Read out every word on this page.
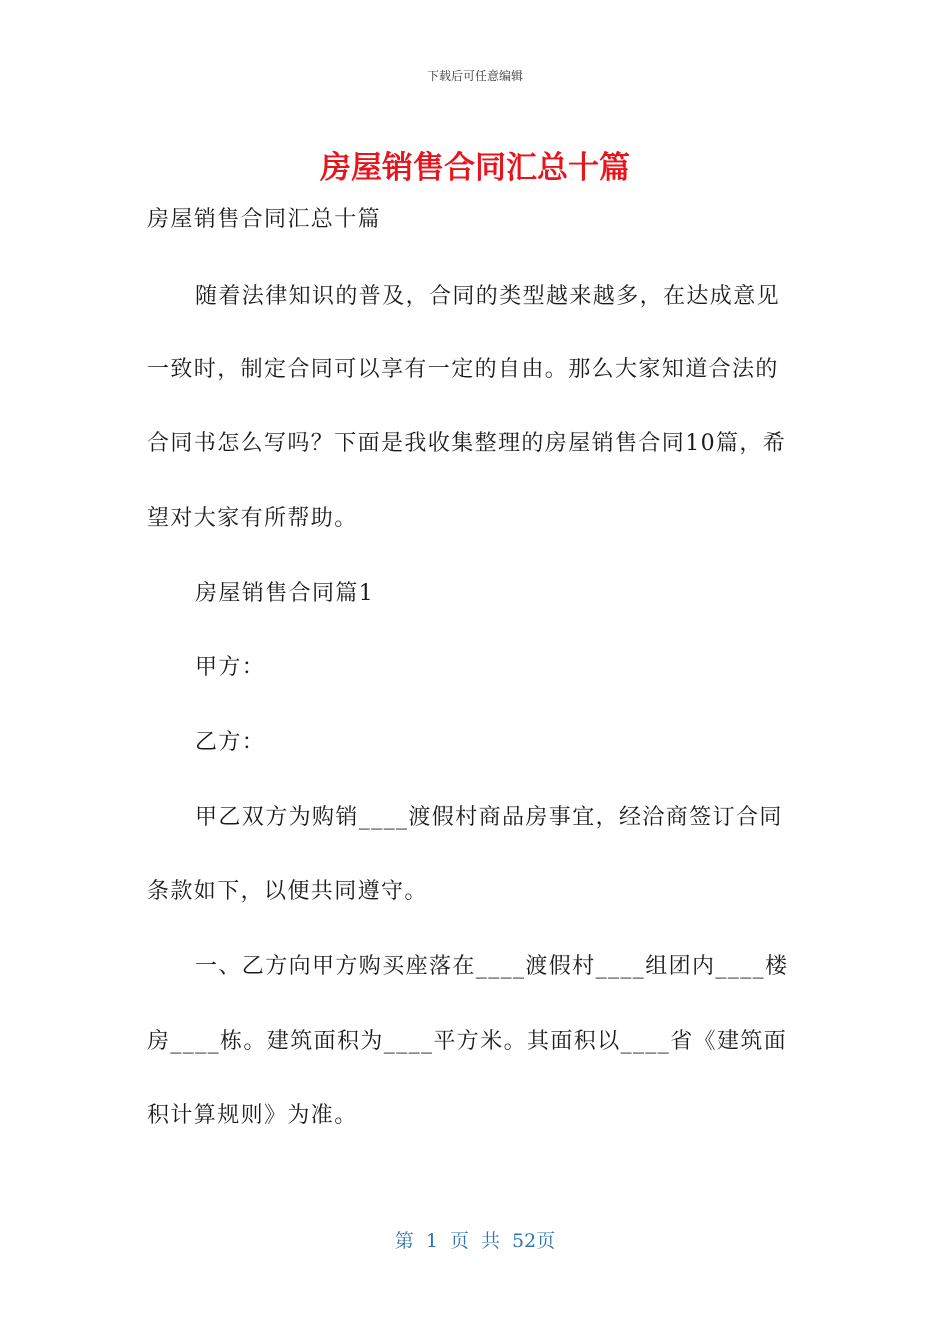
下载后可任意编辑
房屋销售合同汇总十篇
房屋销售合同汇总十篇
随着法律知识的普及，合同的类型越来越多，在达成意见
一致时，制定合同可以享有一定的自由。那么大家知道合法的
合同书怎么写吗？下面是我收集整理的房屋销售合同10篇，希
望对大家有所帮助。
房屋销售合同篇1
甲方：
乙方：
甲乙双方为购销____渡假村商品房事宜，经洽商签订合同
条款如下，以便共同遵守。
一、乙方向甲方购买座落在____渡假村____组团内____楼
房____栋。建筑面积为____平方米。其面积以____省《建筑面
积计算规则》为准。
第 1 页 共 52页
